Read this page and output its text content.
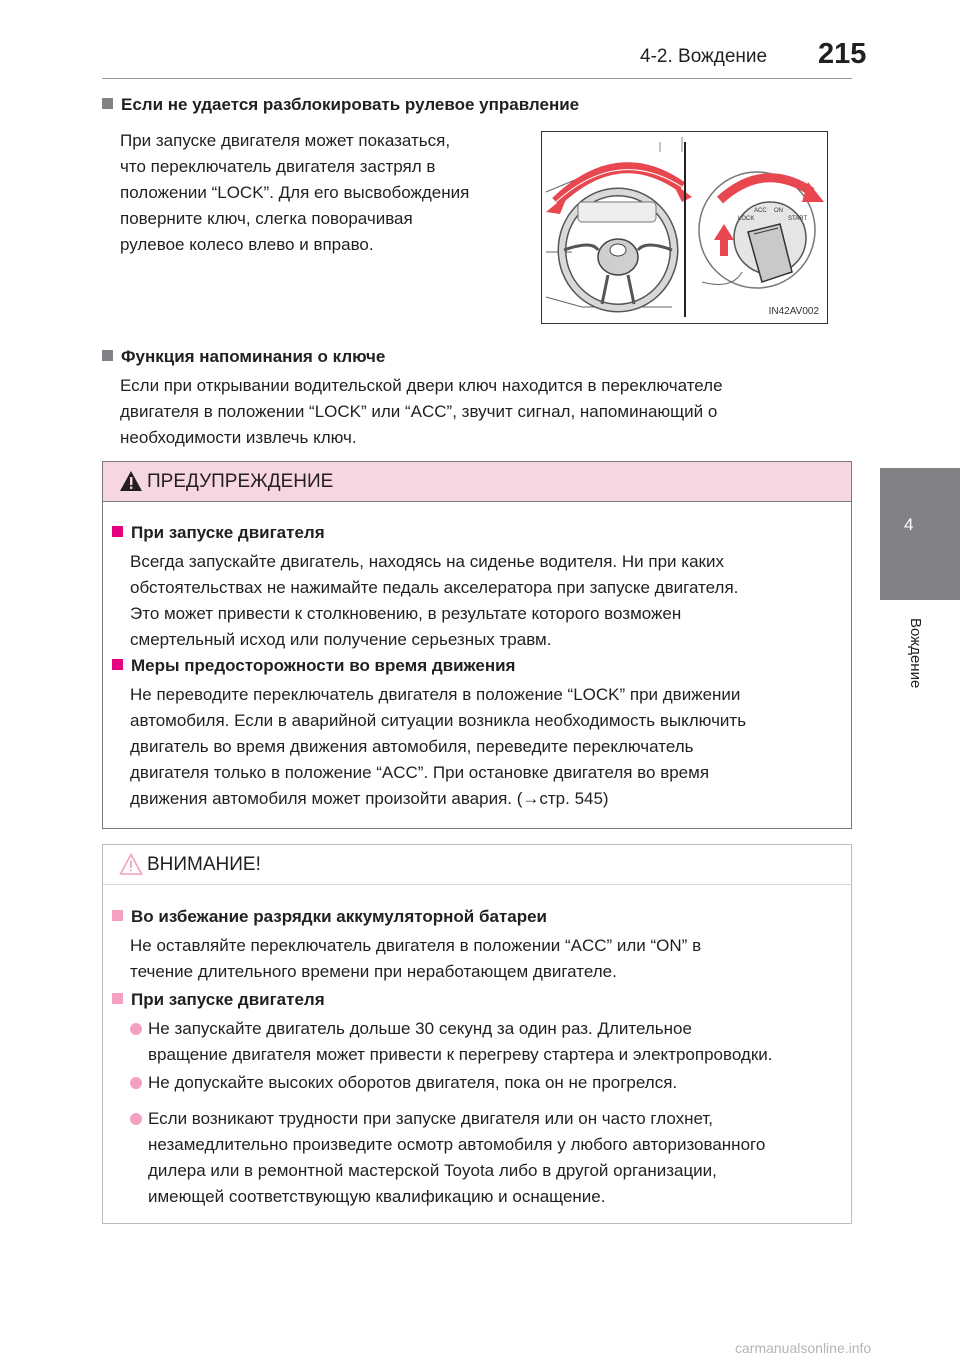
4-2. Вождение 215
4
Вождение
Если не удается разблокировать рулевое управление
При запуске двигателя может показаться,
что переключатель двигателя застрял в
положении “LOCK”. Для его высвобождения
поверните ключ, слегка поворачивая
рулевое колесо влево и вправо.
LOCK
ACC ON
START
IN42AV002
Функция напоминания о ключе
Если при открывании водительской двери ключ находится в переключателе
двигателя в положении “LOCK” или “ACC”, звучит сигнал, напоминающий о
необходимости извлечь ключ.
ПРЕДУПРЕЖДЕНИЕ
При запуске двигателя
Всегда запускайте двигатель, находясь на сиденье водителя. Ни при каких
обстоятельствах не нажимайте педаль акселератора при запуске двигателя.
Это может привести к столкновению, в результате которого возможен
смертельный исход или получение серьезных травм.
Меры предосторожности во время движения
Не переводите переключатель двигателя в положение “LOCK” при движении
автомобиля. Если в аварийной ситуации возникла необходимость выключить
двигатель во время движения автомобиля, переведите переключатель
двигателя только в положение “ACC”. При остановке двигателя во время
движения автомобиля может произойти авария. (→стр. 545)
ВНИМАНИЕ!
Во избежание разрядки аккумуляторной батареи
Не оставляйте переключатель двигателя в положении “ACC” или “ON” в
течение длительного времени при неработающем двигателе.
При запуске двигателя
Не запускайте двигатель дольше 30 секунд за один раз. Длительное
вращение двигателя может привести к перегреву стартера и электропроводки.
Не допускайте высоких оборотов двигателя, пока он не прогрелся.
Если возникают трудности при запуске двигателя или он часто глохнет,
незамедлительно произведите осмотр автомобиля у любого авторизованного
дилера или в ремонтной мастерской Toyota либо в другой организации,
имеющей соответствующую квалификацию и оснащение.
carmanualsonline.info
